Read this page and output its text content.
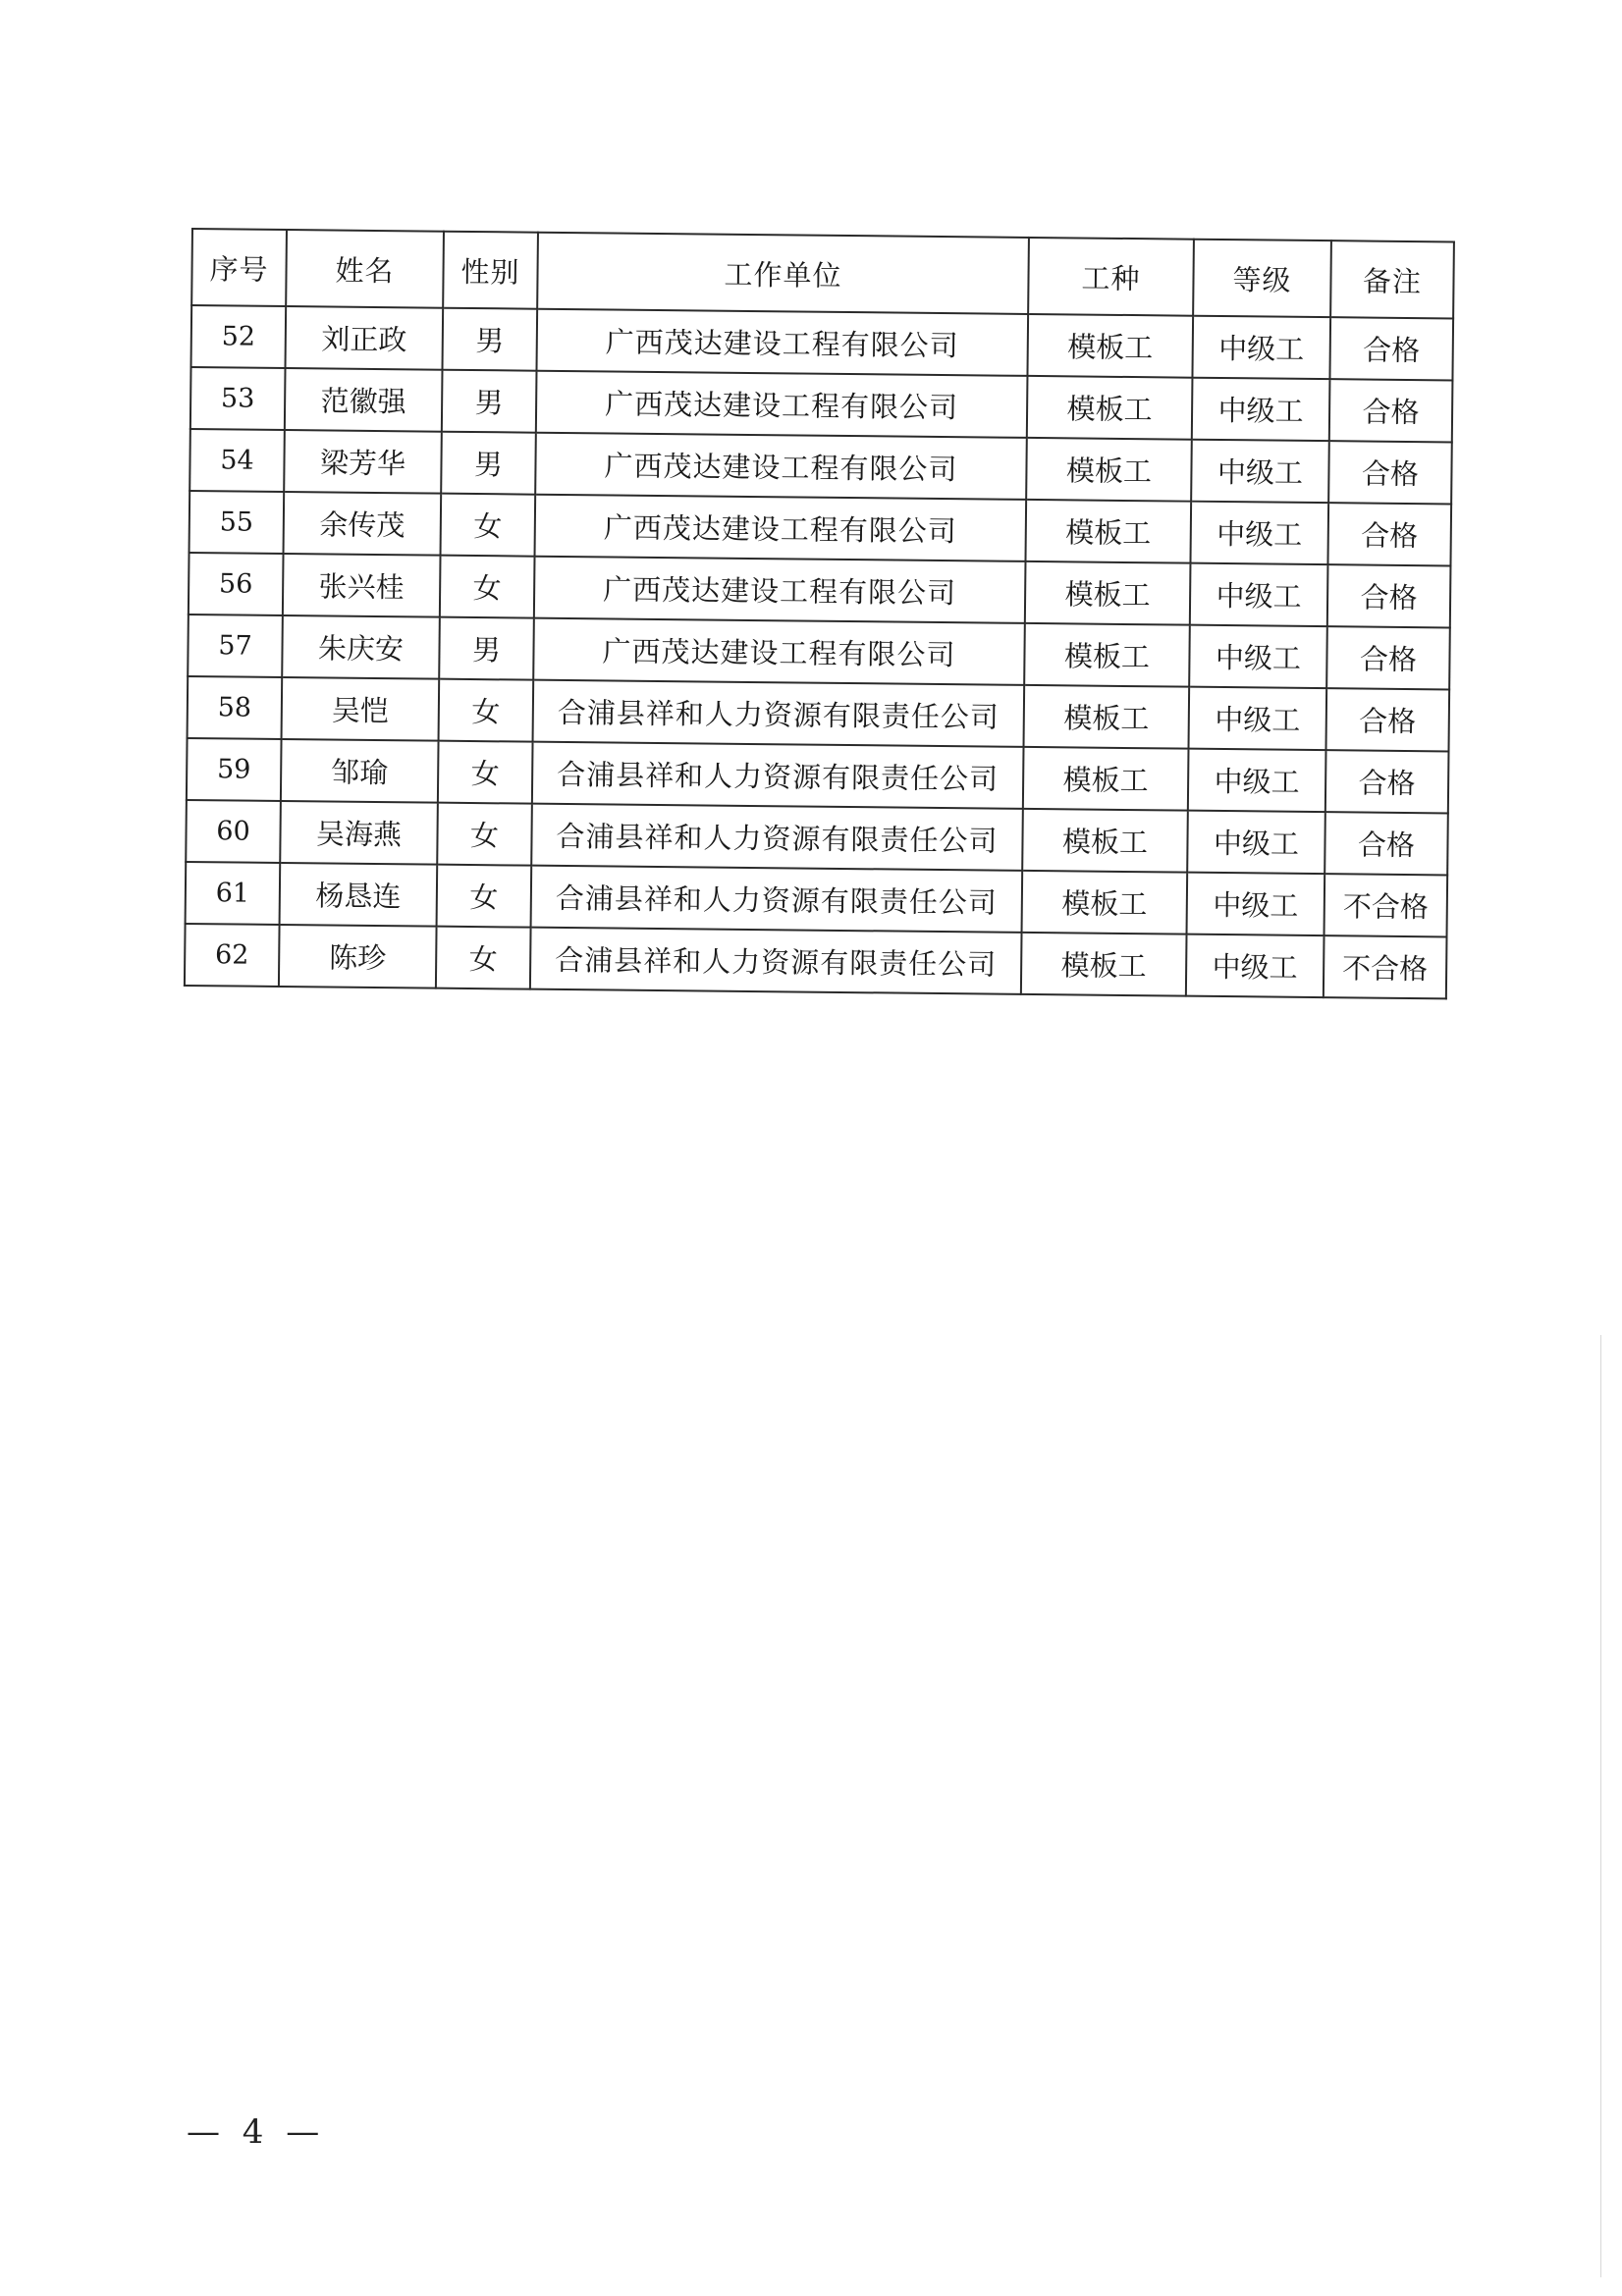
序号	姓名	性别	工作单位	工种	等级	备注
52	刘正政	男	广西茂达建设工程有限公司	模板工	中级工	合格
53	范徽强	男	广西茂达建设工程有限公司	模板工	中级工	合格
54	梁芳华	男	广西茂达建设工程有限公司	模板工	中级工	合格
55	余传茂	女	广西茂达建设工程有限公司	模板工	中级工	合格
56	张兴桂	女	广西茂达建设工程有限公司	模板工	中级工	合格
57	朱庆安	男	广西茂达建设工程有限公司	模板工	中级工	合格
58	吴恺	女	合浦县祥和人力资源有限责任公司	模板工	中级工	合格
59	邹瑜	女	合浦县祥和人力资源有限责任公司	模板工	中级工	合格
60	吴海燕	女	合浦县祥和人力资源有限责任公司	模板工	中级工	合格
61	杨恳连	女	合浦县祥和人力资源有限责任公司	模板工	中级工	不合格
62	陈珍	女	合浦县祥和人力资源有限责任公司	模板工	中级工	不合格
— 4 —
